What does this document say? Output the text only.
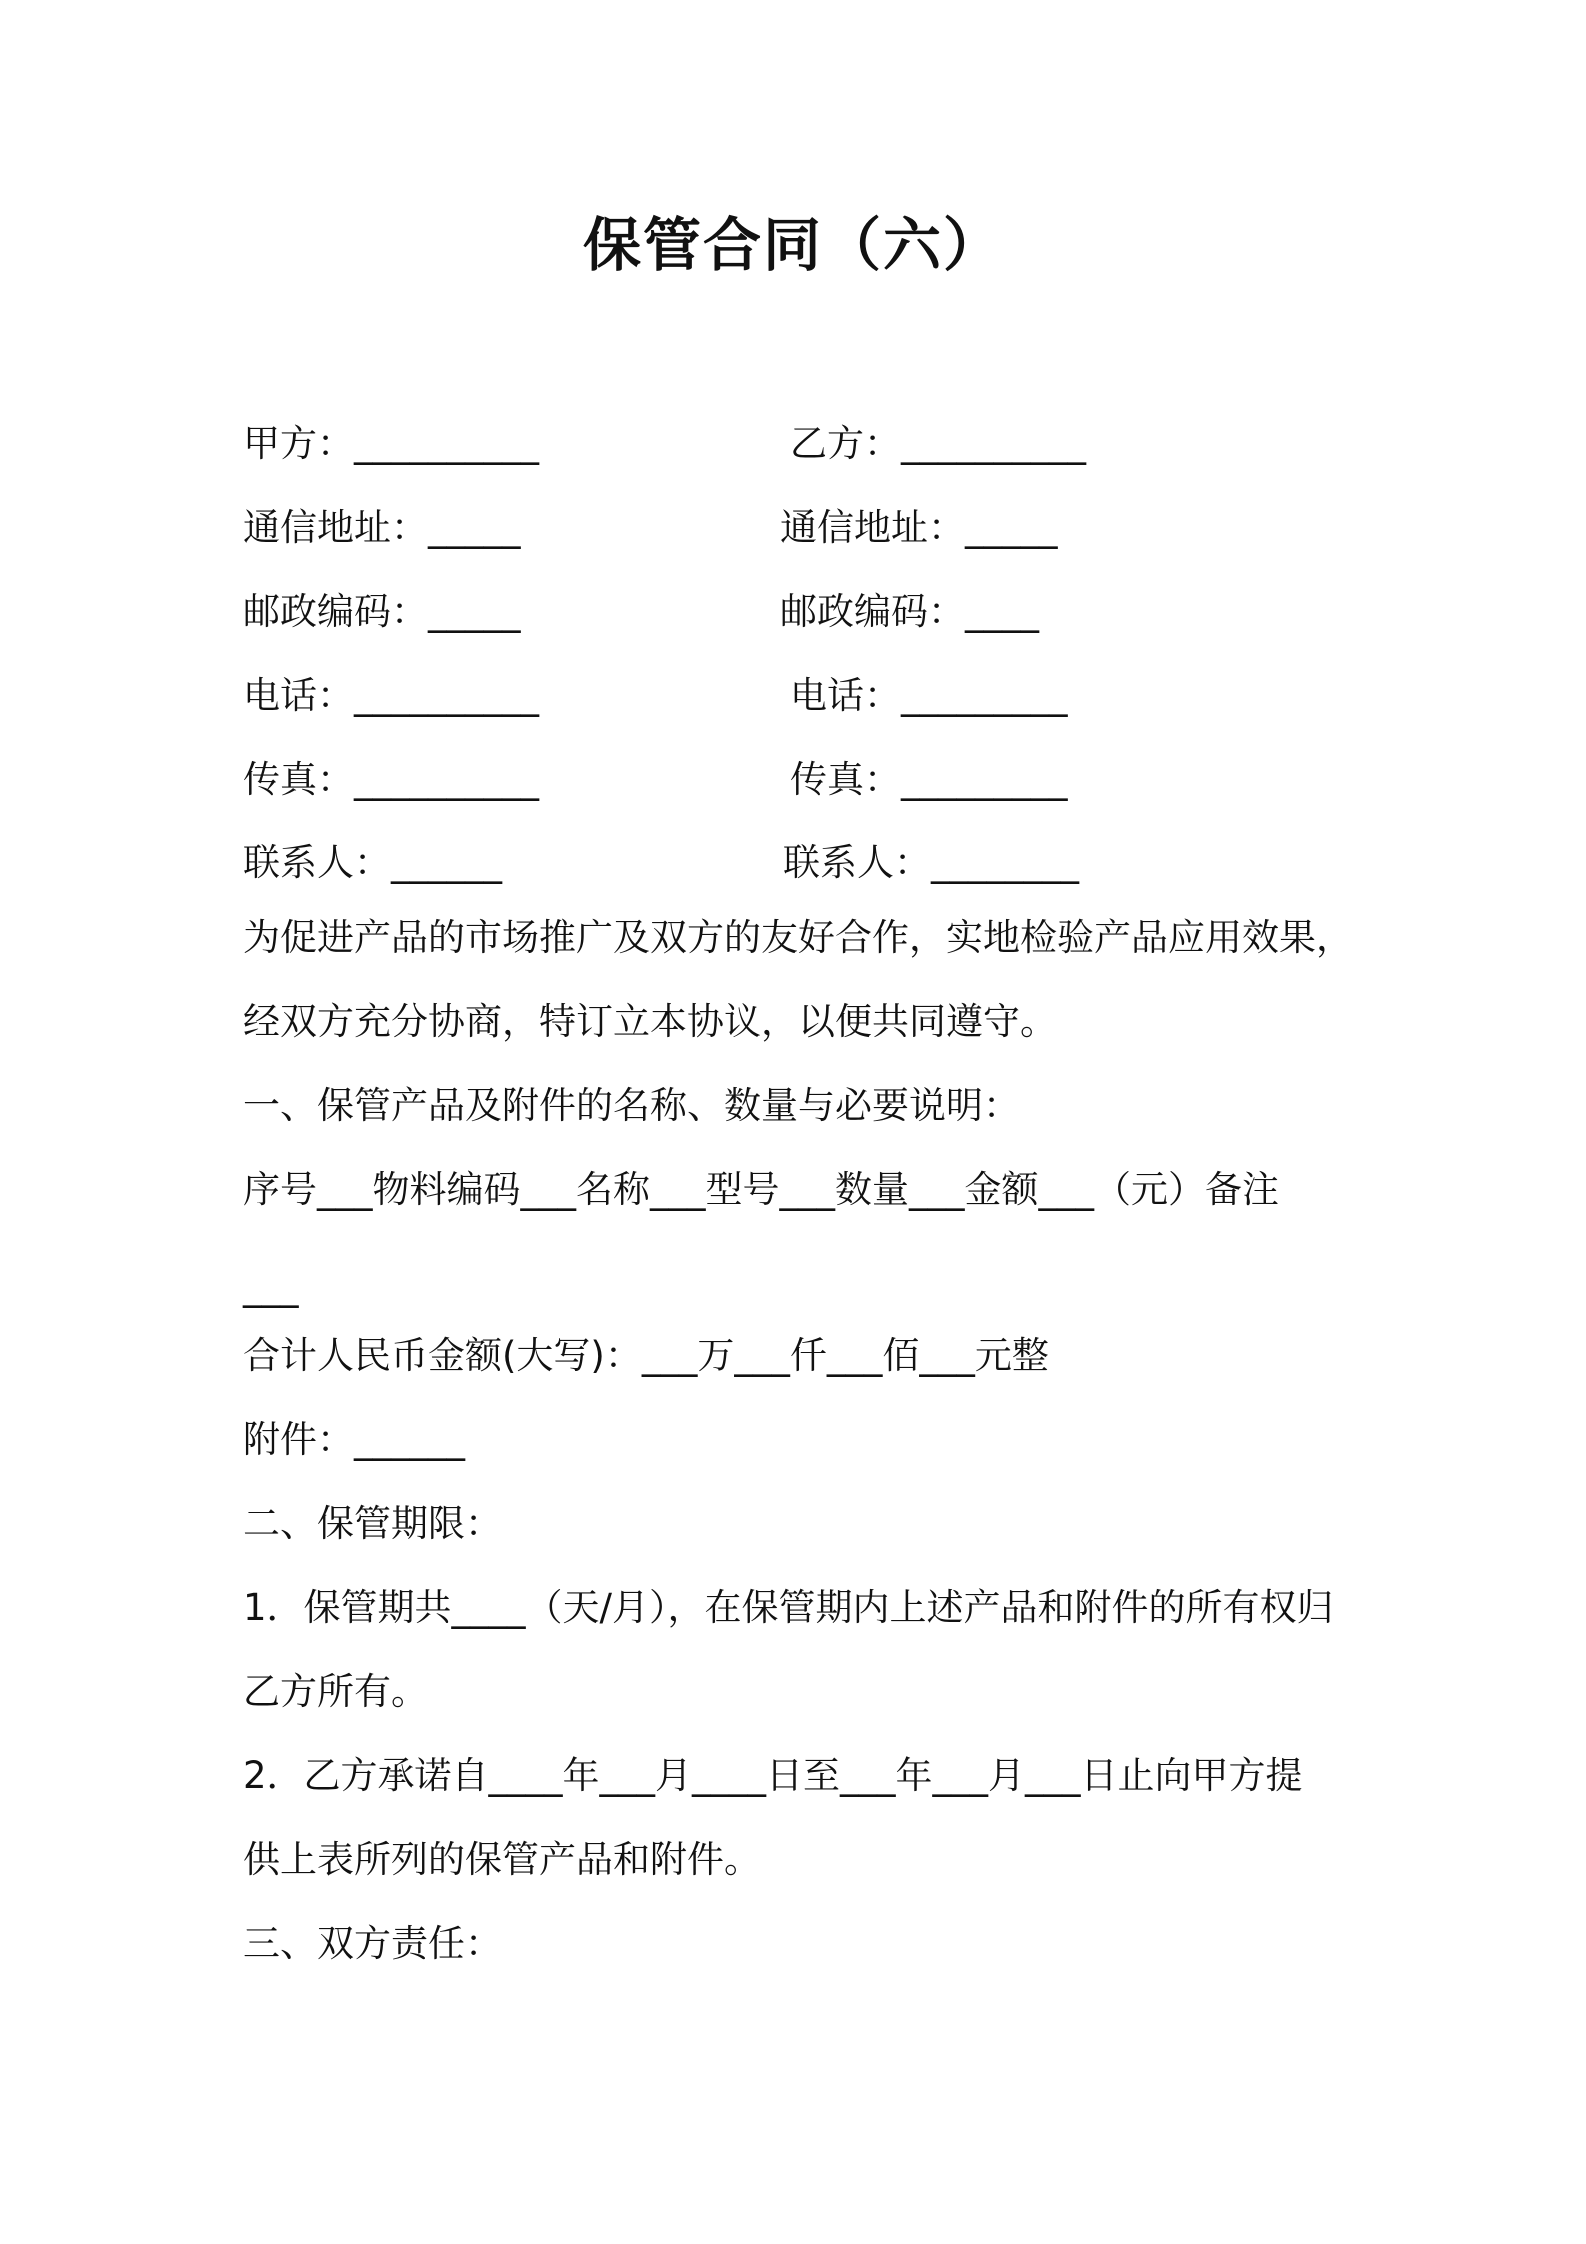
保管合同（六）
甲方：__________	乙方：__________
通信地址：_____	通信地址：_____
邮政编码：_____	邮政编码：____
电话：__________	电话：_________
传真：__________	传真：_________
联系人：______	联系人：________
为促进产品的市场推广及双方的友好合作，实地检验产品应用效果，
经双方充分协商，特订立本协议，以便共同遵守。
一、保管产品及附件的名称、数量与必要说明：
序号___物料编码___名称___型号___数量___金额___（元）备注
___
合计人民币金额(大写)：___万___仟___佰___元整
附件：______
二、保管期限：
1．保管期共____（天/月），在保管期内上述产品和附件的所有权归
乙方所有。
2．乙方承诺自____年___月____日至___年___月___日止向甲方提
供上表所列的保管产品和附件。
三、双方责任：
